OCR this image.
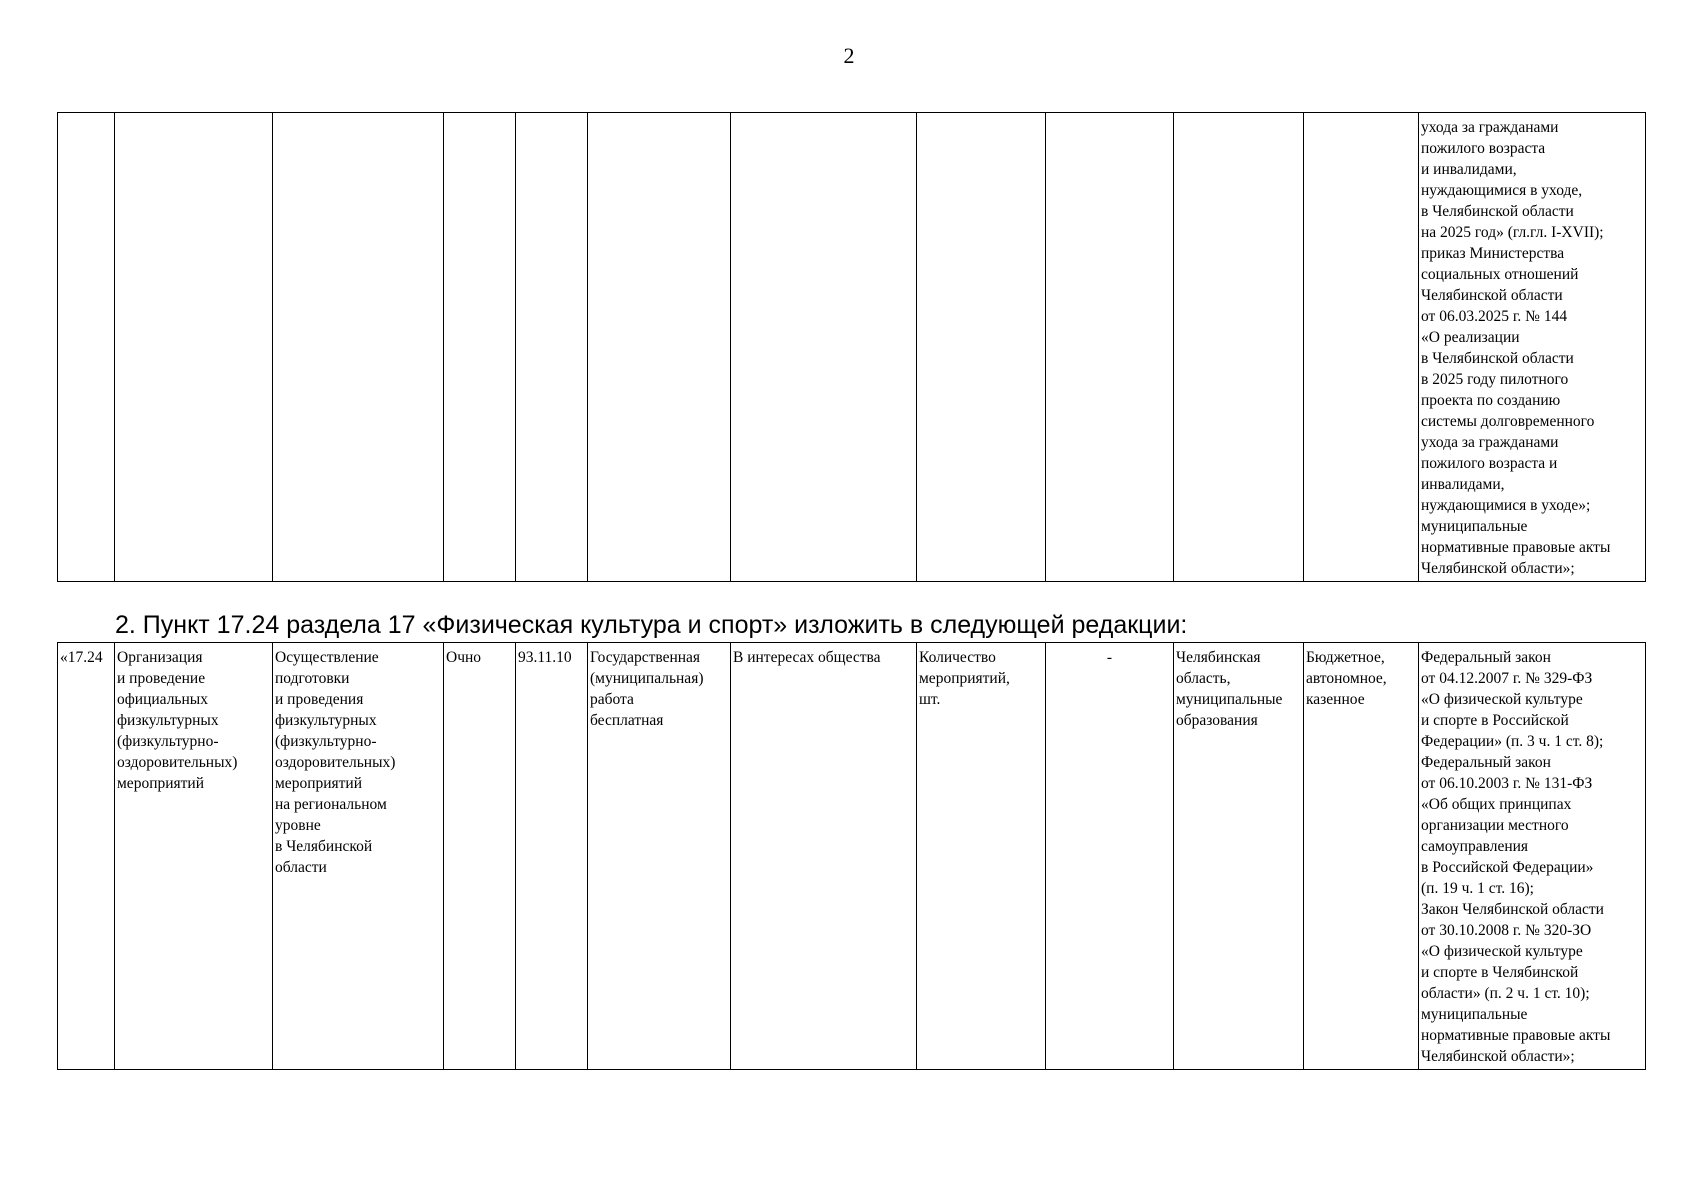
2
											ухода за гражданами
пожилого возраста
и инвалидами,
нуждающимися в уходе,
в Челябинской области
на 2025 год» (гл.гл. I-XVII);
приказ Министерства
социальных отношений
Челябинской области
от 06.03.2025 г. № 144
«О реализации
в Челябинской области
в 2025 году пилотного
проекта по созданию
системы долговременного
ухода за гражданами
пожилого возраста и
инвалидами,
нуждающимися в уходе»;
муниципальные
нормативные правовые акты
Челябинской области»;
2. Пункт 17.24 раздела 17 «Физическая культура и спорт» изложить в следующей редакции:
«17.24	Организация
и проведение
официальных
физкультурных
(физкультурно-
оздоровительных)
мероприятий	Осуществление
подготовки
и проведения
физкультурных
(физкультурно-
оздоровительных)
мероприятий
на региональном
уровне
в Челябинской
области	Очно	93.11.10	Государственная
(муниципальная)
работа
бесплатная	В интересах общества	Количество
мероприятий,
шт.	-	Челябинская
область,
муниципальные
образования	Бюджетное,
автономное,
казенное	Федеральный закон
от 04.12.2007 г. № 329-ФЗ
«О физической культуре
и спорте в Российской
Федерации» (п. 3 ч. 1 ст. 8);
Федеральный закон
от 06.10.2003 г. № 131-ФЗ
«Об общих принципах
организации местного
самоуправления
в Российской Федерации»
(п. 19 ч. 1 ст. 16);
Закон Челябинской области
от 30.10.2008 г. № 320-ЗО
«О физической культуре
и спорте в Челябинской
области» (п. 2 ч. 1 ст. 10);
муниципальные
нормативные правовые акты
Челябинской области»;
